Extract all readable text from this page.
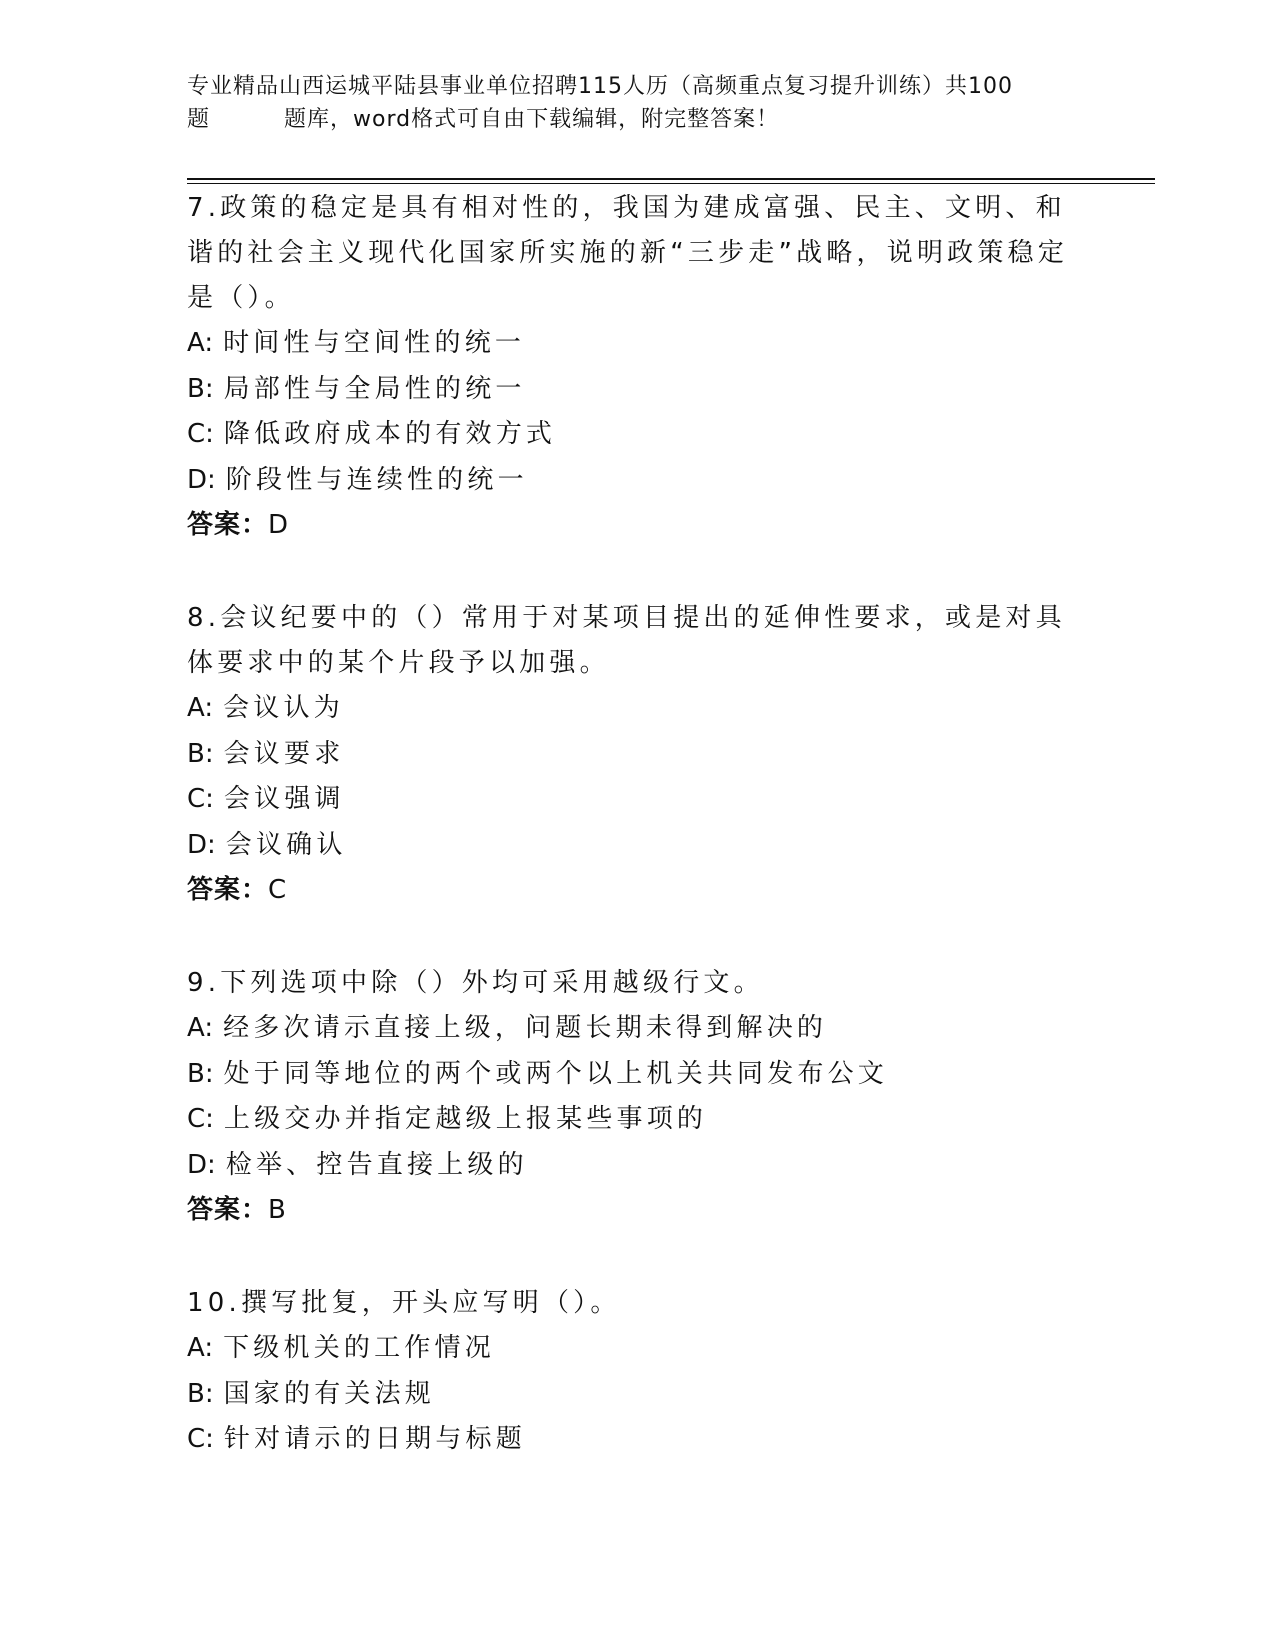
专业精品山西运城平陆县事业单位招聘115人历（高频重点复习提升训练）共100
题	题库，word格式可自由下载编辑，附完整答案！
7.政策的稳定是具有相对性的，我国为建成富强、民主、文明、和谐的社会主义现代化国家所实施的新“三步走”战略，说明政策稳定是（）。
A: 时间性与空间性的统一
B: 局部性与全局性的统一
C: 降低政府成本的有效方式
D: 阶段性与连续性的统一
答案：D
8.会议纪要中的（）常用于对某项目提出的延伸性要求，或是对具体要求中的某个片段予以加强。
A: 会议认为
B: 会议要求
C: 会议强调
D: 会议确认
答案：C
9.下列选项中除（）外均可采用越级行文。
A: 经多次请示直接上级，问题长期未得到解决的
B: 处于同等地位的两个或两个以上机关共同发布公文
C: 上级交办并指定越级上报某些事项的
D: 检举、控告直接上级的
答案：B
10.撰写批复，开头应写明（）。
A: 下级机关的工作情况
B: 国家的有关法规
C: 针对请示的日期与标题
